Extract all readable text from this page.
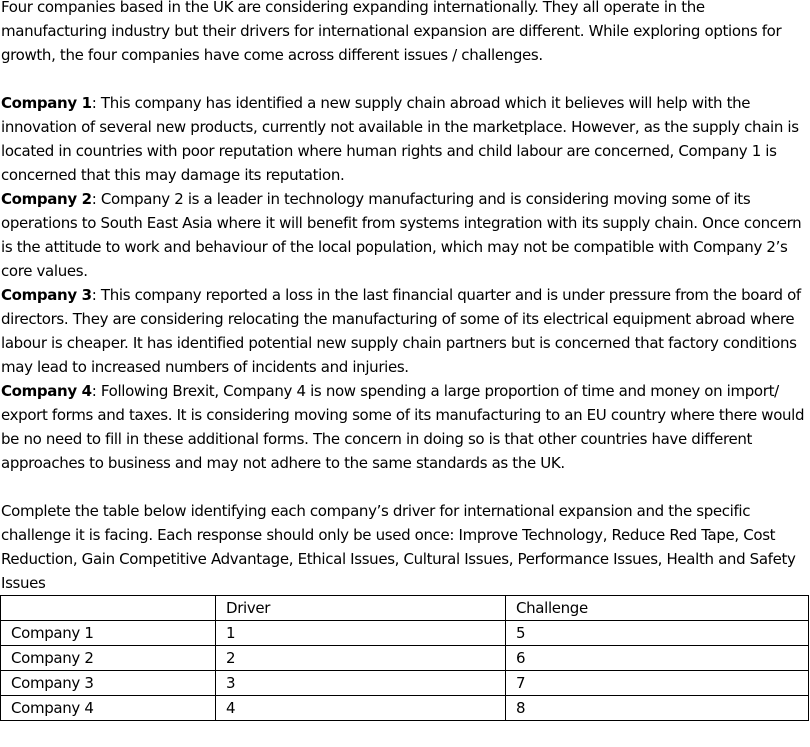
Four companies based in the UK are considering expanding internationally. They all operate in the manufacturing industry but their drivers for international expansion are different. While exploring options for growth, the four companies have come across different issues / challenges.

Company 1: This company has identified a new supply chain abroad which it believes will help with the innovation of several new products, currently not available in the marketplace. However, as the supply chain is located in countries with poor reputation where human rights and child labour are concerned, Company 1 is concerned that this may damage its reputation.

Company 2: Company 2 is a leader in technology manufacturing and is considering moving some of its operations to South East Asia where it will benefit from systems integration with its supply chain. Once concern is the attitude to work and behaviour of the local population, which may not be compatible with Company 2’s core values.

Company 3: This company reported a loss in the last financial quarter and is under pressure from the board of directors. They are considering relocating the manufacturing of some of its electrical equipment abroad where labour is cheaper. It has identified potential new supply chain partners but is concerned that factory conditions may lead to increased numbers of incidents and injuries.

Company 4: Following Brexit, Company 4 is now spending a large proportion of time and money on import/ export forms and taxes. It is considering moving some of its manufacturing to an EU country where there would be no need to fill in these additional forms. The concern in doing so is that other countries have different approaches to business and may not adhere to the same standards as the UK.

Complete the table below identifying each company’s driver for international expansion and the specific challenge it is facing. Each response should only be used once: Improve Technology, Reduce Red Tape, Cost Reduction, Gain Competitive Advantage, Ethical Issues, Cultural Issues, Performance Issues, Health and Safety Issues

	Driver	Challenge
Company 1	1	5
Company 2	2	6
Company 3	3	7
Company 4	4	8
